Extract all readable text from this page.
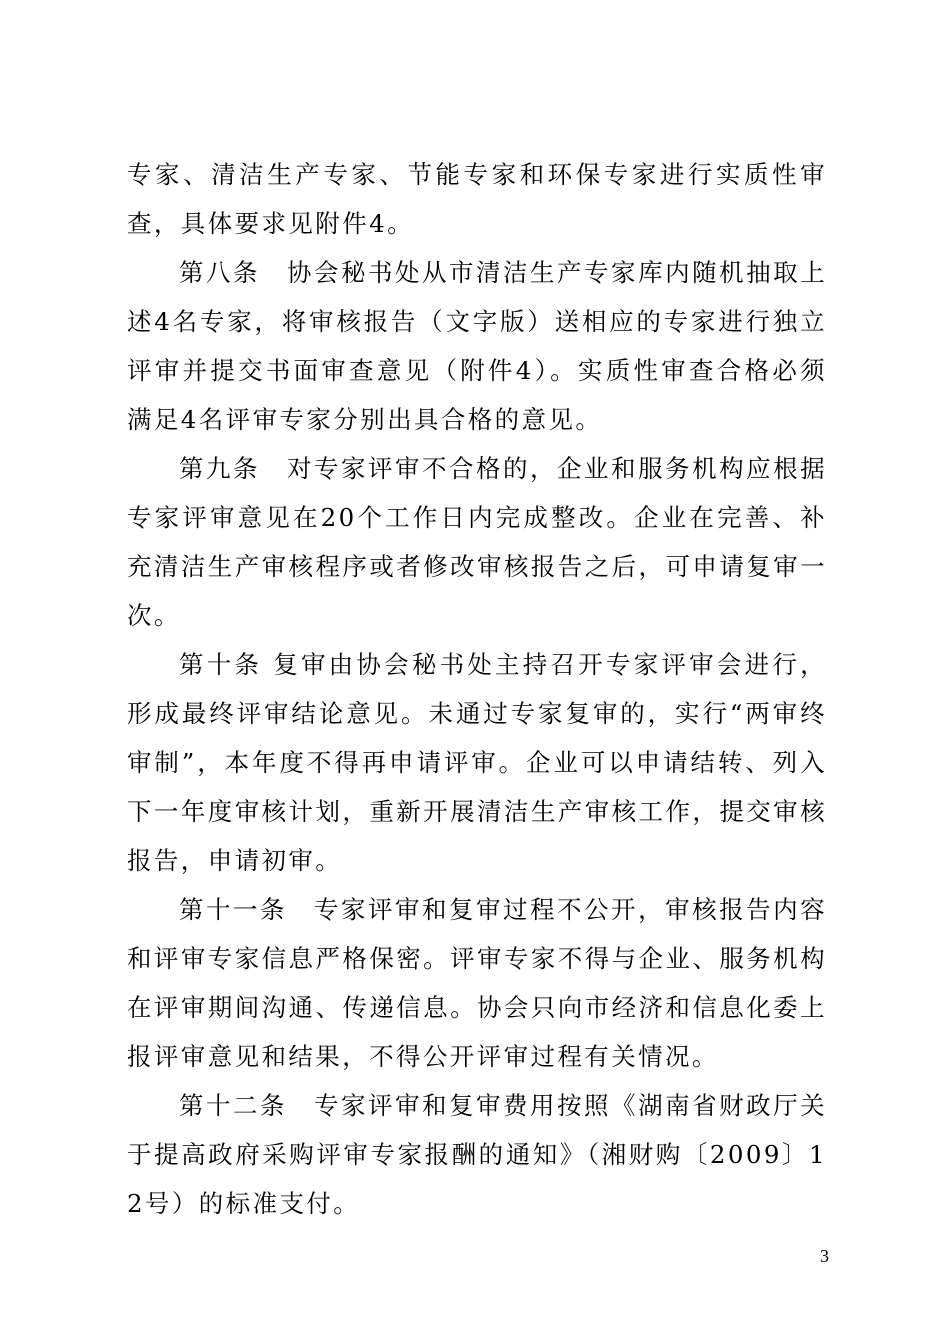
专家、清洁生产专家、节能专家和环保专家进行实质性审查，具体要求见附件4。

第八条　协会秘书处从市清洁生产专家库内随机抽取上述4名专家，将审核报告（文字版）送相应的专家进行独立评审并提交书面审查意见（附件4）。实质性审查合格必须满足4名评审专家分别出具合格的意见。

第九条　对专家评审不合格的，企业和服务机构应根据专家评审意见在20个工作日内完成整改。企业在完善、补充清洁生产审核程序或者修改审核报告之后，可申请复审一次。

第十条 复审由协会秘书处主持召开专家评审会进行，形成最终评审结论意见。未通过专家复审的，实行“两审终审制”，本年度不得再申请评审。企业可以申请结转、列入下一年度审核计划，重新开展清洁生产审核工作，提交审核报告，申请初审。

第十一条　专家评审和复审过程不公开，审核报告内容和评审专家信息严格保密。评审专家不得与企业、服务机构在评审期间沟通、传递信息。协会只向市经济和信息化委上报评审意见和结果，不得公开评审过程有关情况。

第十二条　专家评审和复审费用按照《湖南省财政厅关于提高政府采购评审专家报酬的通知》（湘财购〔2009〕12号）的标准支付。

3
